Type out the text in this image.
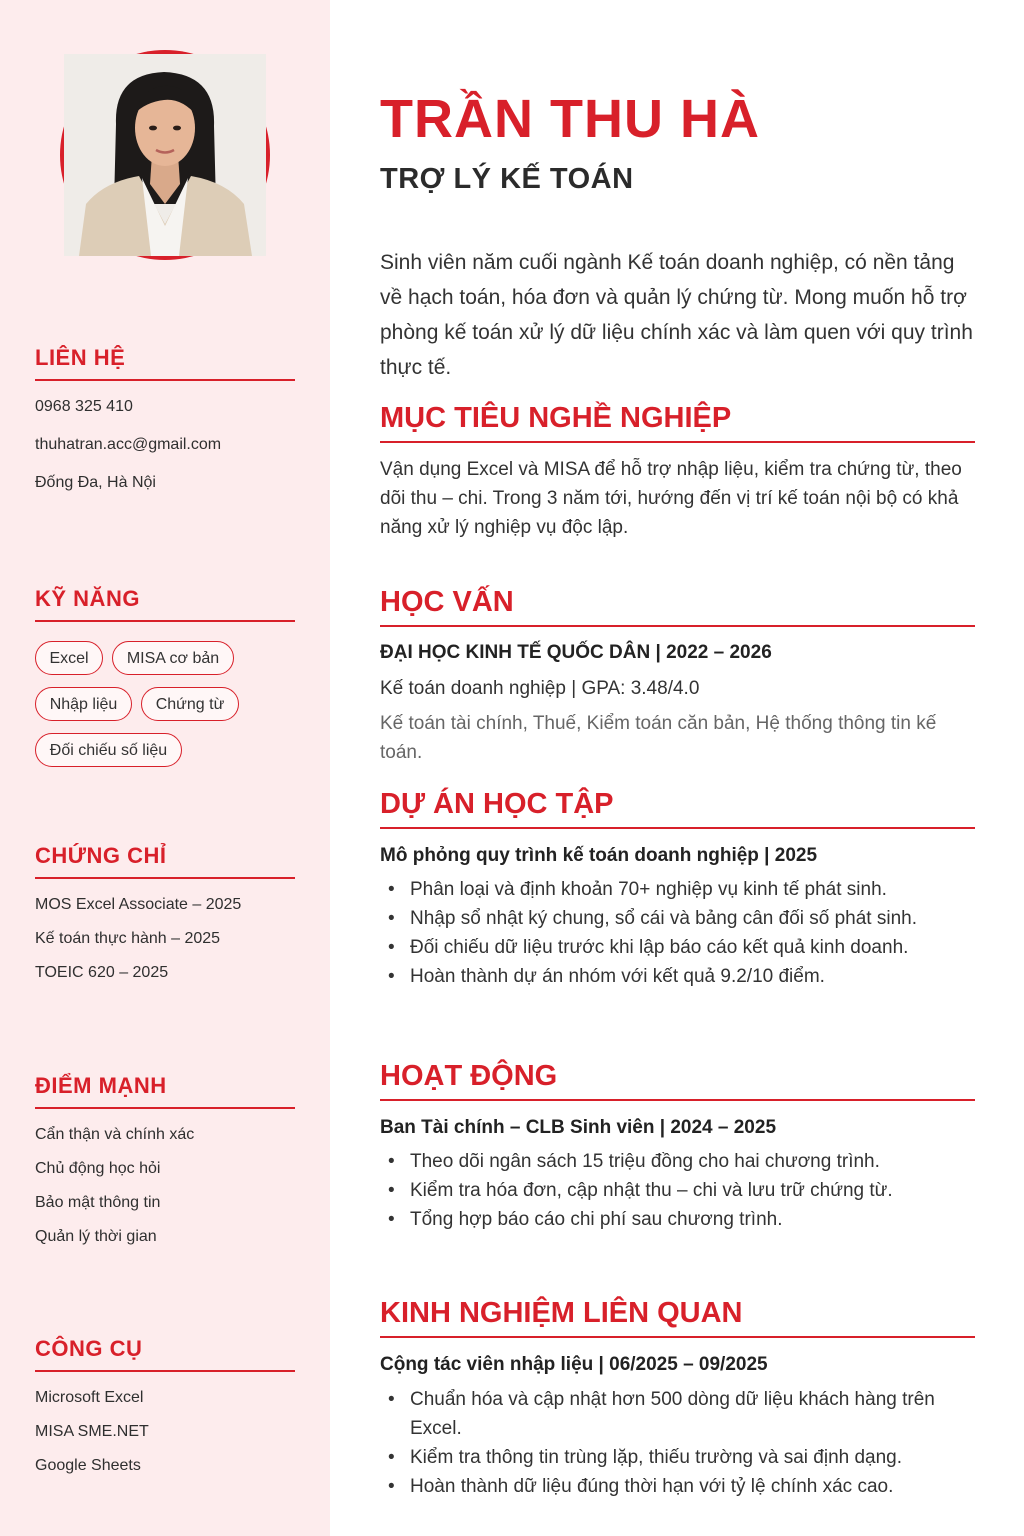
LIÊN HỆ

0968 325 410

thuhatran.acc@gmail.com

Đống Đa, Hà Nội

KỸ NĂNG
Excel	MISA cơ bản
Nhập liệu	Chứng từ
Đối chiếu số liệu
CHỨNG CHỈ

MOS Excel Associate – 2025

Kế toán thực hành – 2025

TOEIC 620 – 2025

ĐIỂM MẠNH

Cẩn thận và chính xác

Chủ động học hỏi

Bảo mật thông tin

Quản lý thời gian

CÔNG CỤ

Microsoft Excel

MISA SME.NET

Google Sheets

TRẦN THU HÀ
TRỢ LÝ KẾ TOÁN

Sinh viên năm cuối ngành Kế toán doanh nghiệp, có nền tảng về hạch toán, hóa đơn và quản lý chứng từ. Mong muốn hỗ trợ phòng kế toán xử lý dữ liệu chính xác và làm quen với quy trình thực tế.

MỤC TIÊU NGHỀ NGHIỆP

Vận dụng Excel và MISA để hỗ trợ nhập liệu, kiểm tra chứng từ, theo dõi thu – chi. Trong 3 năm tới, hướng đến vị trí kế toán nội bộ có khả năng xử lý nghiệp vụ độc lập.

HỌC VẤN

ĐẠI HỌC KINH TẾ QUỐC DÂN | 2022 – 2026

Kế toán doanh nghiệp | GPA: 3.48/4.0

Kế toán tài chính, Thuế, Kiểm toán căn bản, Hệ thống thông tin kế toán.

DỰ ÁN HỌC TẬP

Mô phỏng quy trình kế toán doanh nghiệp | 2025

• Phân loại và định khoản 70+ nghiệp vụ kinh tế phát sinh.
• Nhập sổ nhật ký chung, sổ cái và bảng cân đối số phát sinh.
• Đối chiếu dữ liệu trước khi lập báo cáo kết quả kinh doanh.
• Hoàn thành dự án nhóm với kết quả 9.2/10 điểm.
HOẠT ĐỘNG

Ban Tài chính – CLB Sinh viên | 2024 – 2025

• Theo dõi ngân sách 15 triệu đồng cho hai chương trình.
• Kiểm tra hóa đơn, cập nhật thu – chi và lưu trữ chứng từ.
• Tổng hợp báo cáo chi phí sau chương trình.
KINH NGHIỆM LIÊN QUAN

Cộng tác viên nhập liệu | 06/2025 – 09/2025

• Chuẩn hóa và cập nhật hơn 500 dòng dữ liệu khách hàng trên Excel.
• Kiểm tra thông tin trùng lặp, thiếu trường và sai định dạng.
• Hoàn thành dữ liệu đúng thời hạn với tỷ lệ chính xác cao.
